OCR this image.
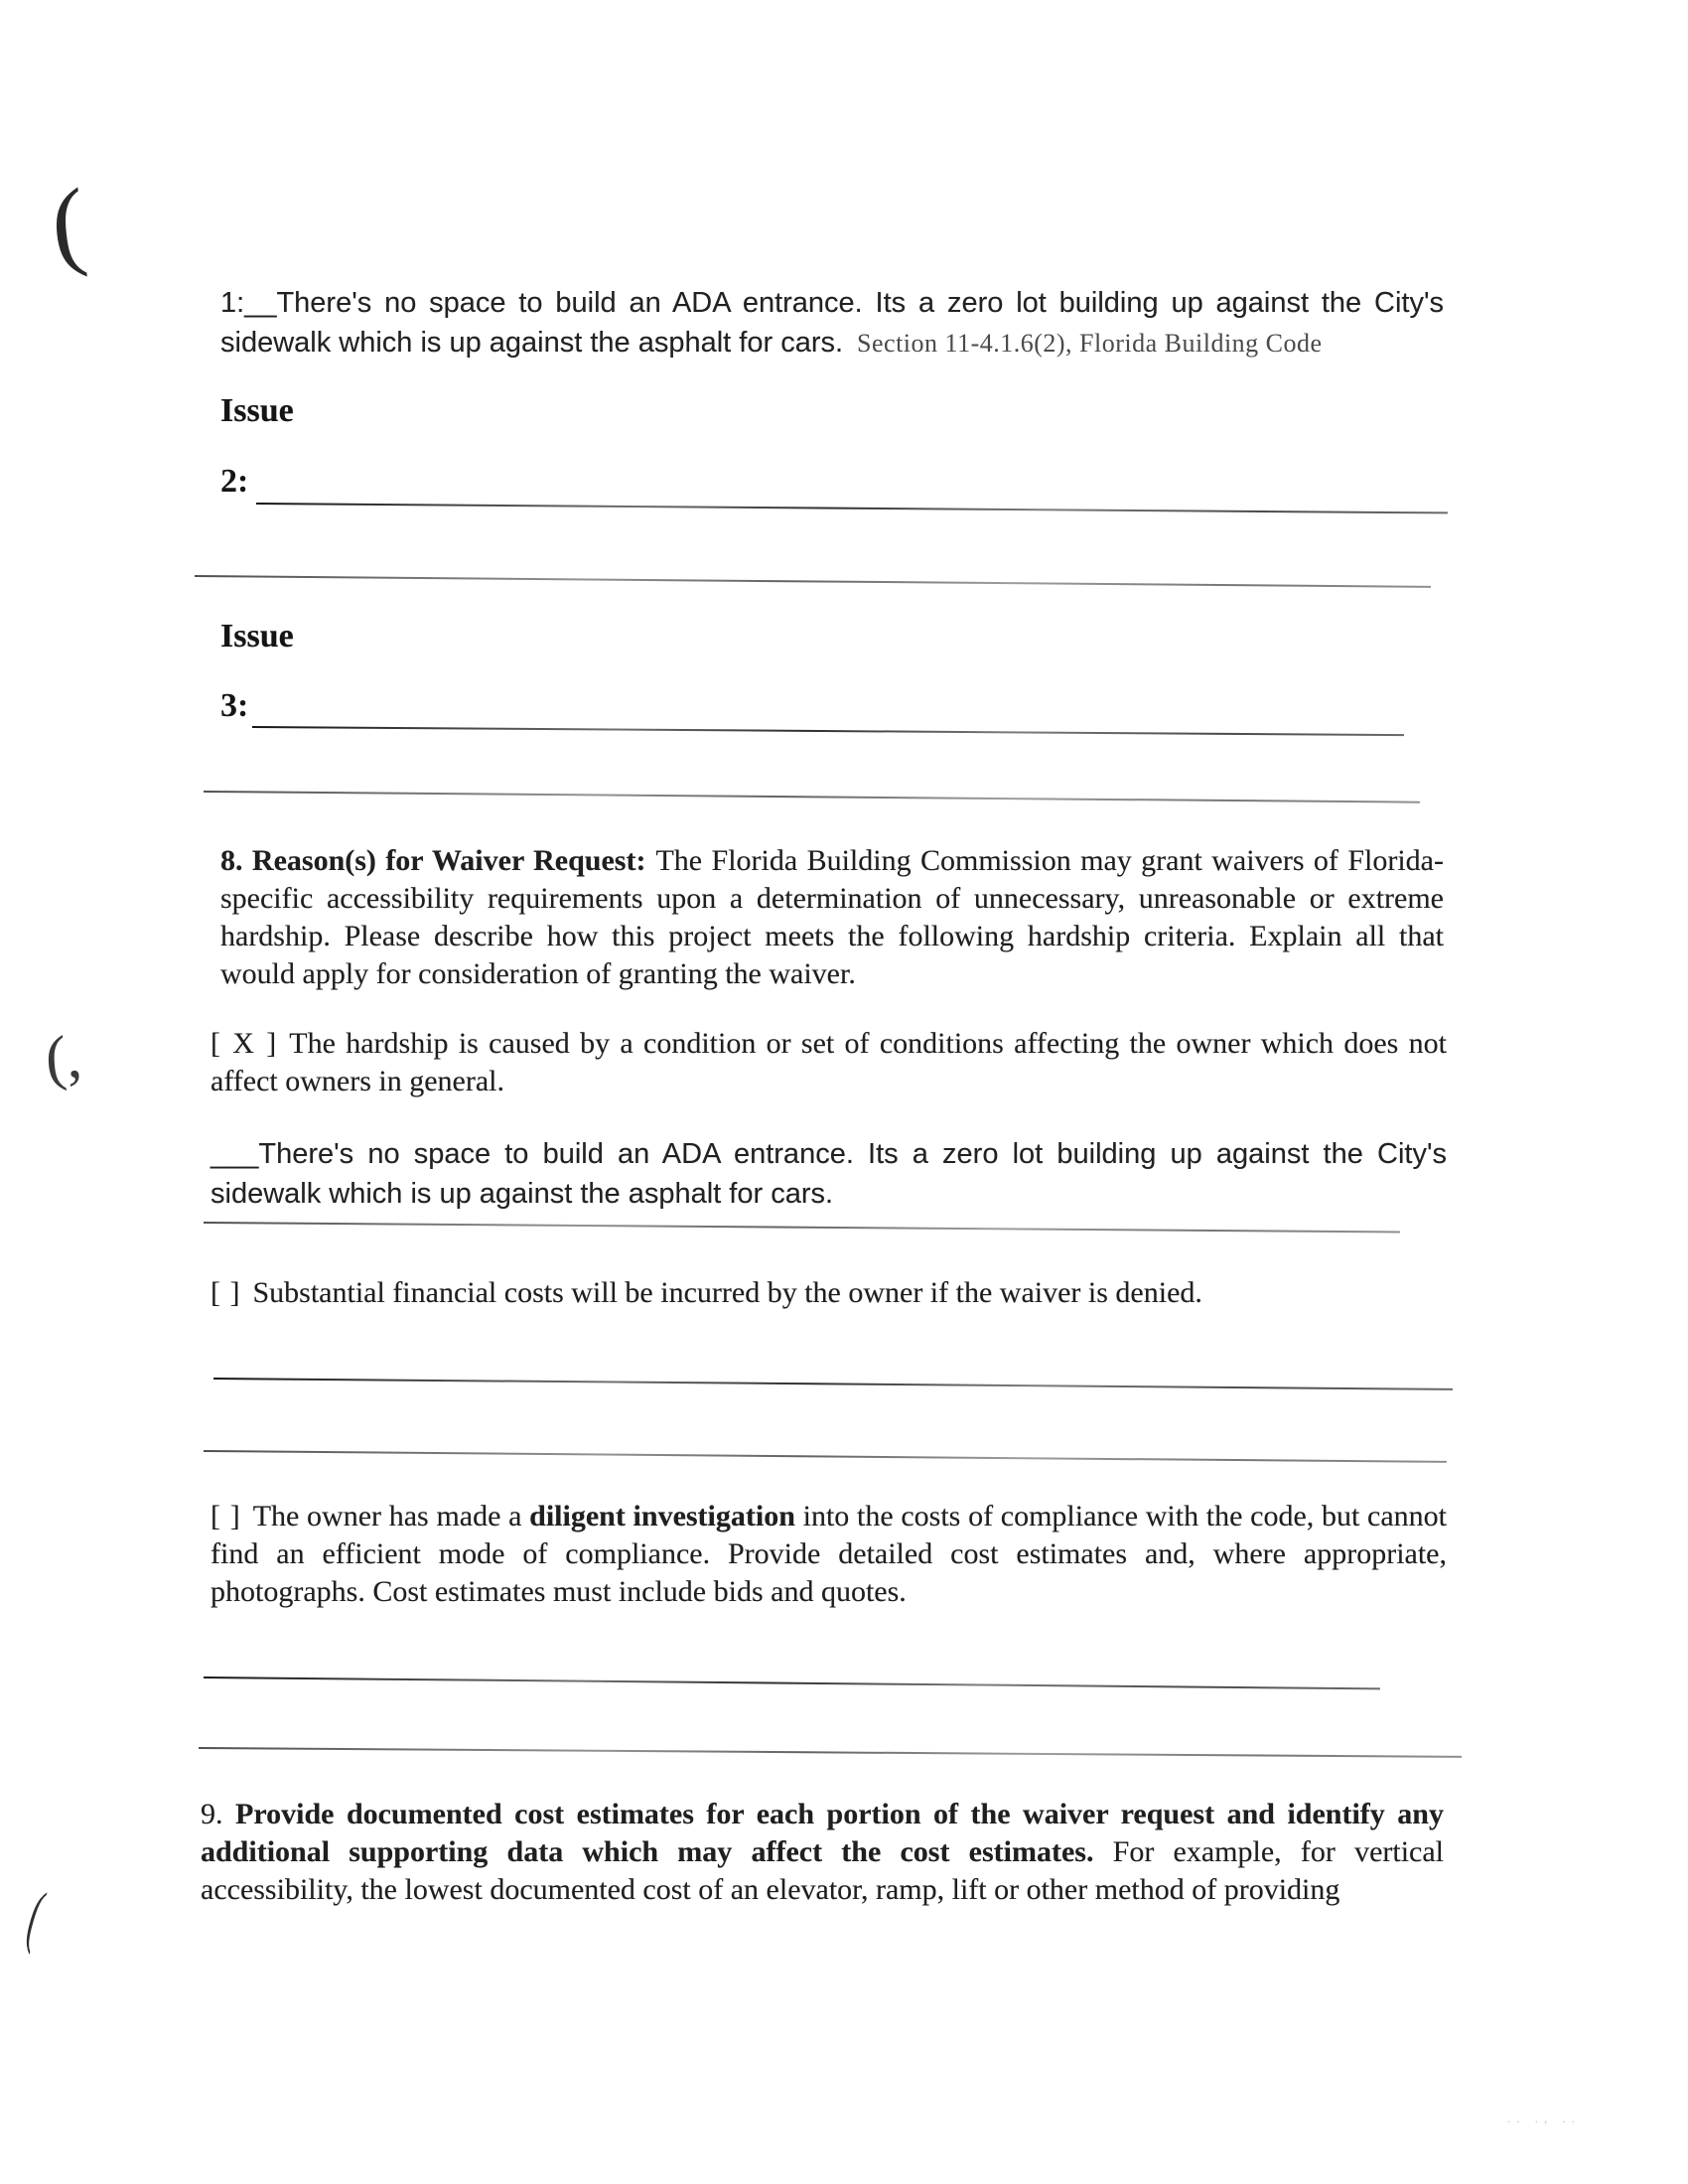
(

1:__There's no space to build an ADA entrance. Its a zero lot building up against the City's sidewalk which is up against the asphalt for cars. Section 11-4.1.6(2), Florida Building Code

Issue
2:
Issue
3:

8. Reason(s) for Waiver Request: The Florida Building Commission may grant waivers of Florida-specific accessibility requirements upon a determination of unnecessary, unreasonable or extreme hardship. Please describe how this project meets the following hardship criteria. Explain all that would apply for consideration of granting the waiver.

(,	[ X ] The hardship is caused by a condition or set of conditions affecting the owner which does not affect owners in general.

___There's no space to build an ADA entrance. Its a zero lot building up against the City's sidewalk which is up against the asphalt for cars.

[ ] Substantial financial costs will be incurred by the owner if the waiver is denied.

[ ] The owner has made a diligent investigation into the costs of compliance with the code, but cannot find an efficient mode of compliance. Provide detailed cost estimates and, where appropriate, photographs. Cost estimates must include bids and quotes.

9. Provide documented cost estimates for each portion of the waiver request and identify any additional supporting data which may affect the cost estimates. For example, for vertical accessibility, the lowest documented cost of an elevator, ramp, lift or other method of providing

(
.. ., ..
